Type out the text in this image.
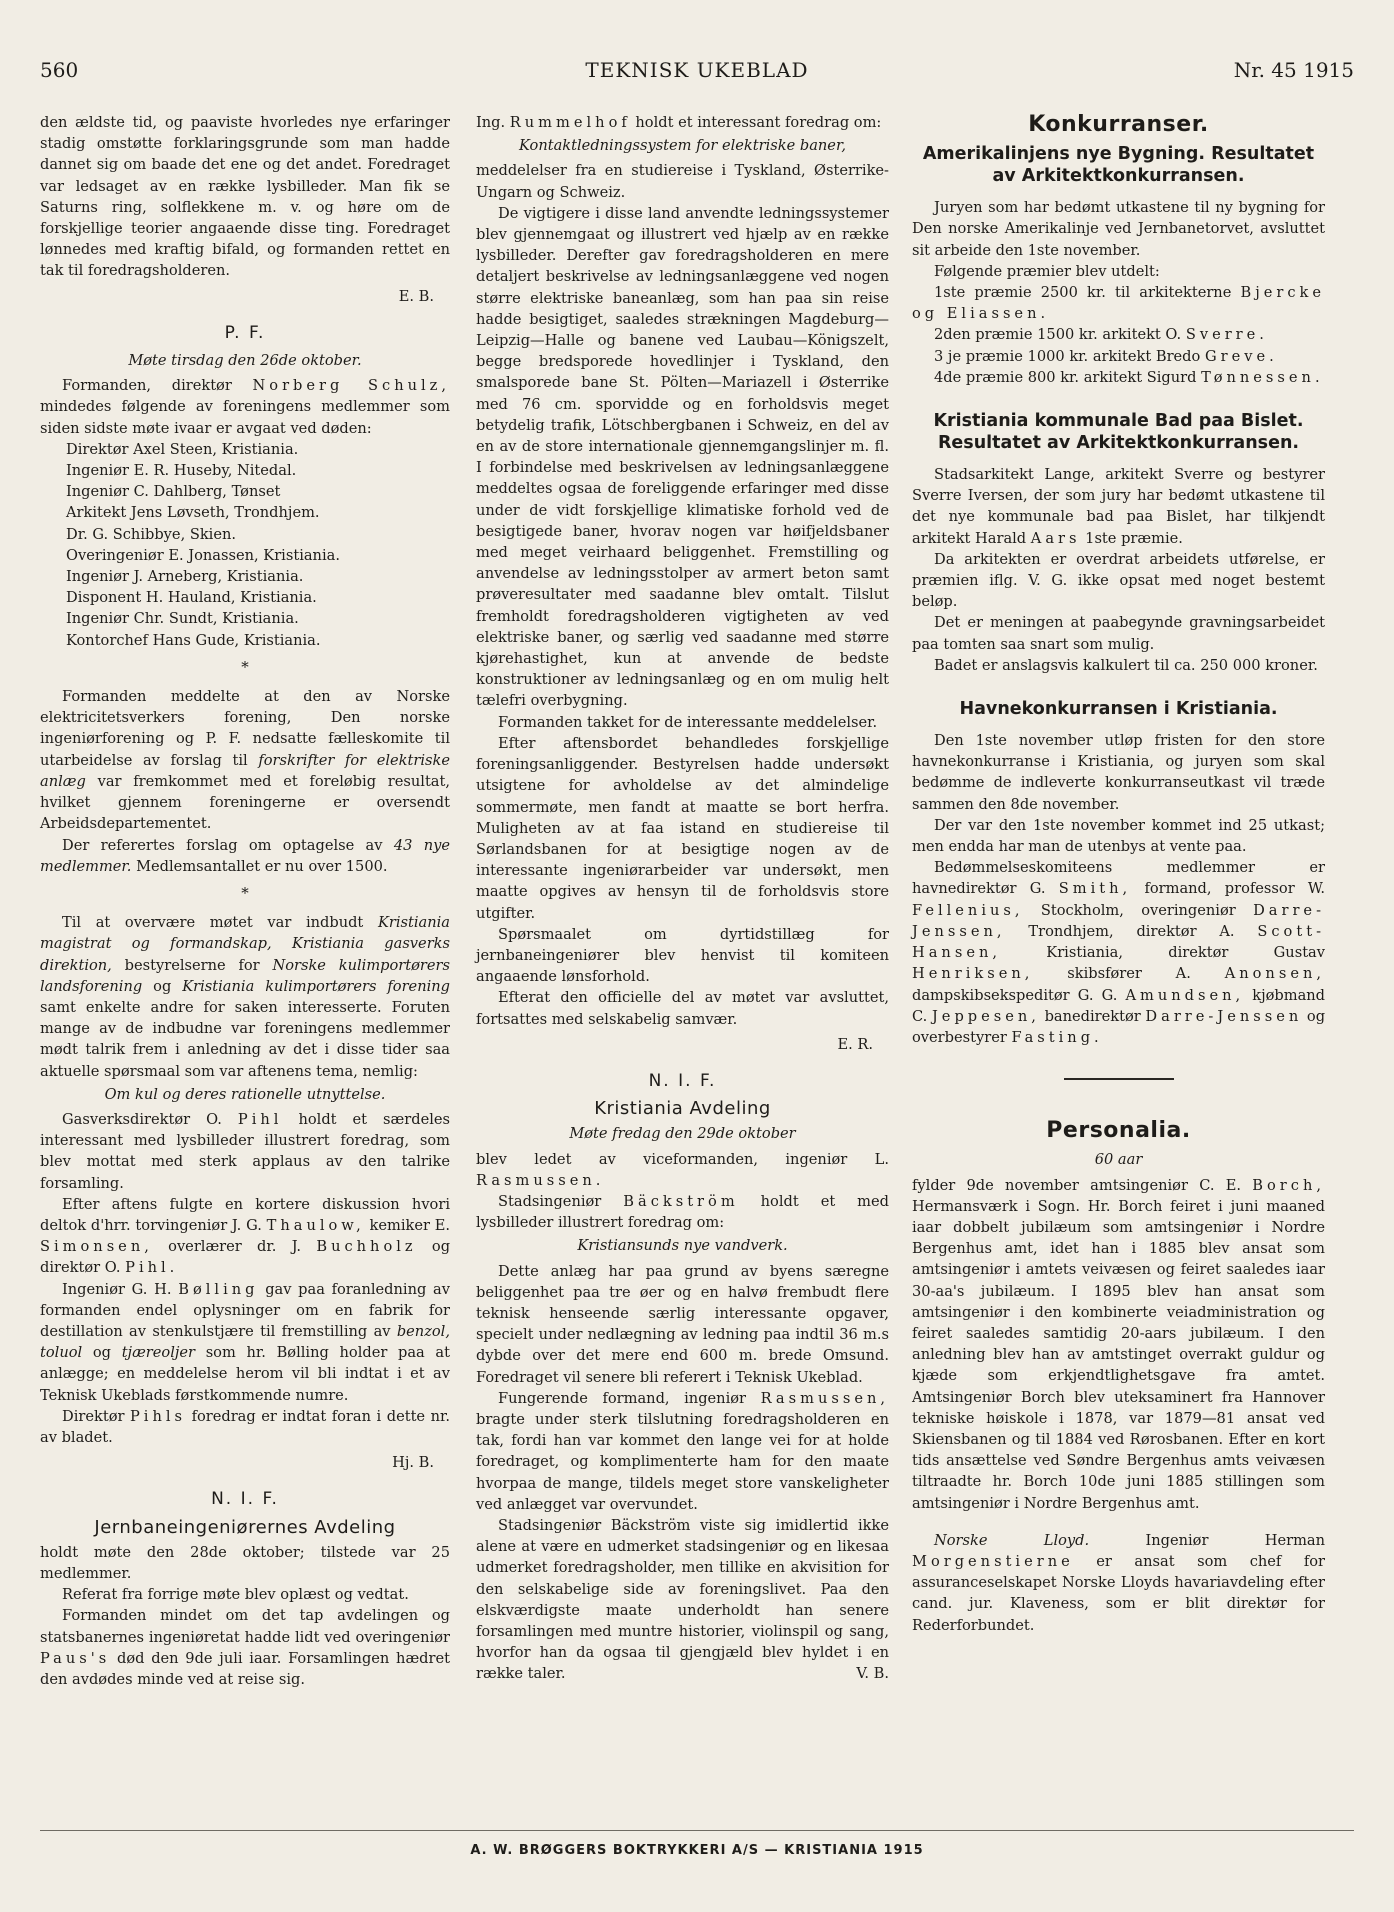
560	TEKNISK UKEBLAD	Nr. 45 1915

den ældste tid, og paaviste hvorledes nye erfaringer stadig omstøtte forklaringsgrunde som man hadde dannet sig om baade det ene og det andet. Foredraget var ledsaget av en række lysbilleder. Man fik se Saturns ring, solflekkene m. v. og høre om de forskjellige teorier angaaende disse ting. Foredraget lønnedes med kraftig bifald, og formanden rettet en tak til foredragsholderen.

E. B.
P. F.
Møte tirsdag den 26de oktober.

Formanden, direktør Norberg Schulz, mindedes følgende av foreningens medlemmer som siden sidste møte ivaar er avgaat ved døden:

Direktør Axel Steen, Kristiania.
Ingeniør E. R. Huseby, Nitedal.
Ingeniør C. Dahlberg, Tønset
Arkitekt Jens Løvseth, Trondhjem.
Dr. G. Schibbye, Skien.
Overingeniør E. Jonassen, Kristiania.
Ingeniør J. Arneberg, Kristiania.
Disponent H. Hauland, Kristiania.
Ingeniør Chr. Sundt, Kristiania.
Kontorchef Hans Gude, Kristiania.
*

Formanden meddelte at den av Norske elektricitetsverkers forening, Den norske ingeniørforening og P. F. nedsatte fælleskomite til utarbeidelse av forslag til forskrifter for elektriske anlæg var fremkommet med et foreløbig resultat, hvilket gjennem foreningerne er oversendt Arbeidsdepartementet.

Der referertes forslag om optagelse av 43 nye medlemmer. Medlemsantallet er nu over 1500.

*

Til at overvære møtet var indbudt Kristiania magistrat og formandskap, Kristiania gasverks direktion, bestyrelserne for Norske kulimportørers landsforening og Kristiania kulimportørers forening samt enkelte andre for saken interesserte. Foruten mange av de indbudne var foreningens medlemmer mødt talrik frem i anledning av det i disse tider saa aktuelle spørsmaal som var aftenens tema, nemlig:

Om kul og deres rationelle utnyttelse.

Gasverksdirektør O. Pihl holdt et særdeles interessant med lysbilleder illustrert foredrag, som blev mottat med sterk applaus av den talrike forsamling.

Efter aftens fulgte en kortere diskussion hvori deltok d'hrr. torvingeniør J. G. Thaulow, kemiker E. Simonsen, overlærer dr. J. Buchholz og direktør O. Pihl.

Ingeniør G. H. Bølling gav paa foranledning av formanden endel oplysninger om en fabrik for destillation av stenkulstjære til fremstilling av benzol, toluol og tjæreoljer som hr. Bølling holder paa at anlægge; en meddelelse herom vil bli indtat i et av Teknisk Ukeblads førstkommende numre.

Direktør Pihls foredrag er indtat foran i dette nr. av bladet.

Hj. B.
N. I. F.
Jernbaneingeniørernes Avdeling

holdt møte den 28de oktober; tilstede var 25 medlemmer.

Referat fra forrige møte blev oplæst og vedtat.

Formanden mindet om det tap avdelingen og statsbanernes ingeniøretat hadde lidt ved overingeniør Paus's død den 9de juli iaar. Forsamlingen hædret den avdødes minde ved at reise sig.

Ing. Rummelhof holdt et interessant foredrag om:

Kontaktledningssystem for elektriske baner,

meddelelser fra en studiereise i Tyskland, Østerrike-Ungarn og Schweiz.

De vigtigere i disse land anvendte ledningssystemer blev gjennemgaat og illustrert ved hjælp av en række lysbilleder. Derefter gav foredragsholderen en mere detaljert beskrivelse av ledningsanlæggene ved nogen større elektriske baneanlæg, som han paa sin reise hadde besigtiget, saaledes strækningen Magdeburg—Leipzig—Halle og banene ved Laubau—Königszelt, begge bredsporede hovedlinjer i Tyskland, den smalsporede bane St. Pölten—Mariazell i Østerrike med 76 cm. sporvidde og en forholdsvis meget betydelig trafik, Lötschbergbanen i Schweiz, en del av en av de store internationale gjennemgangslinjer m. fl. I forbindelse med beskrivelsen av ledningsanlæggene meddeltes ogsaa de foreliggende erfaringer med disse under de vidt forskjellige klimatiske forhold ved de besigtigede baner, hvorav nogen var høifjeldsbaner med meget veirhaard beliggenhet. Fremstilling og anvendelse av ledningsstolper av armert beton samt prøveresultater med saadanne blev omtalt. Tilslut fremholdt foredragsholderen vigtigheten av ved elektriske baner, og særlig ved saadanne med større kjørehastighet, kun at anvende de bedste konstruktioner av ledningsanlæg og en om mulig helt tælefri overbygning.

Formanden takket for de interessante meddelelser.

Efter aftensbordet behandledes forskjellige foreningsanliggender. Bestyrelsen hadde undersøkt utsigtene for avholdelse av det almindelige sommermøte, men fandt at maatte se bort herfra. Muligheten av at faa istand en studiereise til Sørlandsbanen for at besigtige nogen av de interessante ingeniørarbeider var undersøkt, men maatte opgives av hensyn til de forholdsvis store utgifter.

Spørsmaalet om dyrtidstillæg for jernbaneingeniører blev henvist til komiteen angaaende lønsforhold.

Efterat den officielle del av møtet var avsluttet, fortsattes med selskabelig samvær.

E. R.
N. I. F.
Kristiania Avdeling
Møte fredag den 29de oktober

blev ledet av viceformanden, ingeniør L. Rasmussen.

Stadsingeniør Bäckström holdt et med lysbilleder illustrert foredrag om:

Kristiansunds nye vandverk.

Dette anlæg har paa grund av byens særegne beliggenhet paa tre øer og en halvø frembudt flere teknisk henseende særlig interessante opgaver, specielt under nedlægning av ledning paa indtil 36 m.s dybde over det mere end 600 m. brede Omsund. Foredraget vil senere bli referert i Teknisk Ukeblad.

Fungerende formand, ingeniør Rasmussen, bragte under sterk tilslutning foredragsholderen en tak, fordi han var kommet den lange vei for at holde foredraget, og komplimenterte ham for den maate hvorpaa de mange, tildels meget store vanskeligheter ved anlægget var overvundet.

Stadsingeniør Bäckström viste sig imidlertid ikke alene at være en udmerket stadsingeniør og en likesaa udmerket foredragsholder, men tillike en akvisition for den selskabelige side av foreningslivet. Paa den elskværdigste maate underholdt han senere forsamlingen med muntre historier, violinspil og sang, hvorfor han da ogsaa til gjengjæld blev hyldet i en række taler.	V. B.

Konkurranser.
Amerikalinjens nye Bygning. Resultatet av Arkitektkonkurransen.

Juryen som har bedømt utkastene til ny bygning for Den norske Amerikalinje ved Jernbanetorvet, avsluttet sit arbeide den 1ste november.

Følgende præmier blev utdelt:

1ste præmie 2500 kr. til arkitekterne Bjercke og Eliassen.

2den præmie 1500 kr. arkitekt O. Sverre.

3 je præmie 1000 kr. arkitekt Bredo Greve.

4de præmie 800 kr. arkitekt Sigurd Tønnessen.

Kristiania kommunale Bad paa Bislet. Resultatet av Arkitektkonkurransen.

Stadsarkitekt Lange, arkitekt Sverre og bestyrer Sverre Iversen, der som jury har bedømt utkastene til det nye kommunale bad paa Bislet, har tilkjendt arkitekt Harald Aars 1ste præmie.

Da arkitekten er overdrat arbeidets utførelse, er præmien iflg. V. G. ikke opsat med noget bestemt beløp.

Det er meningen at paabegynde gravningsarbeidet paa tomten saa snart som mulig.

Badet er anslagsvis kalkulert til ca. 250 000 kroner.

Havnekonkurransen i Kristiania.

Den 1ste november utløp fristen for den store havnekonkurranse i Kristiania, og juryen som skal bedømme de indleverte konkurranseutkast vil træde sammen den 8de november.

Der var den 1ste november kommet ind 25 utkast; men endda har man de utenbys at vente paa.

Bedømmelseskomiteens medlemmer er havnedirektør G. Smith, formand, professor W. Fellenius, Stockholm, overingeniør Darre-Jenssen, Trondhjem, direktør A. Scott-Hansen,	Kristiania, direktør Gustav Henriksen, skibsfører A. Anonsen, dampskibsekspeditør G. G. Amundsen, kjøbmand C. Jeppesen, banedirektør Darre-Jenssen og overbestyrer Fasting.

Personalia.
60 aar

fylder 9de november amtsingeniør C. E. Borch, Hermansværk i Sogn. Hr. Borch feiret i juni maaned iaar dobbelt jubilæum som amtsingeniør i Nordre Bergenhus amt, idet han i 1885 blev ansat som amtsingeniør i amtets veivæsen og feiret saaledes iaar 30-aa's jubilæum. I 1895 blev han ansat som amtsingeniør i den kombinerte veiadministration og feiret saaledes samtidig 20-aars jubilæum. I den anledning blev han av amtstinget overrakt guldur og kjæde som erkjendtlighetsgave fra amtet. Amtsingeniør Borch blev uteksaminert fra Hannover tekniske høiskole i 1878, var 1879—81 ansat ved Skiensbanen og til 1884 ved Rørosbanen. Efter en kort tids ansættelse ved Søndre Bergenhus amts veivæsen tiltraadte hr. Borch 10de juni 1885 stillingen som amtsingeniør i Nordre Bergenhus amt.

Norske Lloyd.	Ingeniør Herman Morgenstierne er ansat som chef for assuranceselskapet Norske Lloyds havariavdeling efter cand. jur. Klaveness, som er blit direktør for Rederforbundet.

A. W. BRØGGERS BOKTRYKKERI A/S — KRISTIANIA 1915
